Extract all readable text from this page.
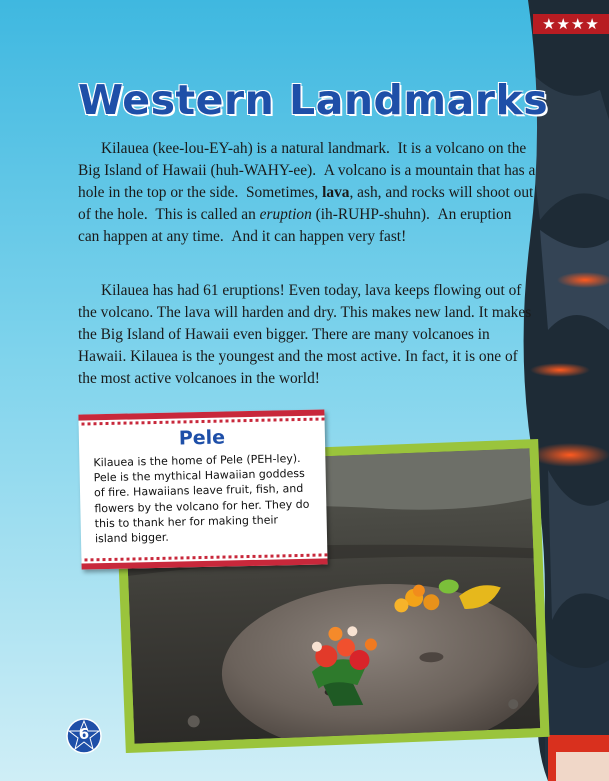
★★★★
Western Landmarks

Kilauea (kee-lou-EY-ah) is a natural landmark.  It is a volcano on the Big Island of Hawaii (huh-WAHY-ee).  A volcano is a mountain that has a hole in the top or the side.  Sometimes, lava, ash, and rocks will shoot out of the hole.  This is called an eruption (ih-RUHP-shuhn).  An eruption can happen at any time.  And it can happen very fast!

Kilauea has had 61 eruptions! Even today, lava keeps flowing out of the volcano. The lava will harden and dry. This makes new land. It makes the Big Island of Hawaii even bigger. There are many volcanoes in Hawaii. Kilauea is the youngest and the most active. In fact, it is one of the most active volcanoes in the world!

Pele

Kilauea is the home of Pele (PEH-ley). Pele is the mythical Hawaiian goddess of fire. Hawaiians leave fruit, fish, and flowers by the volcano for her. They do this to thank her for making their island bigger.

6
